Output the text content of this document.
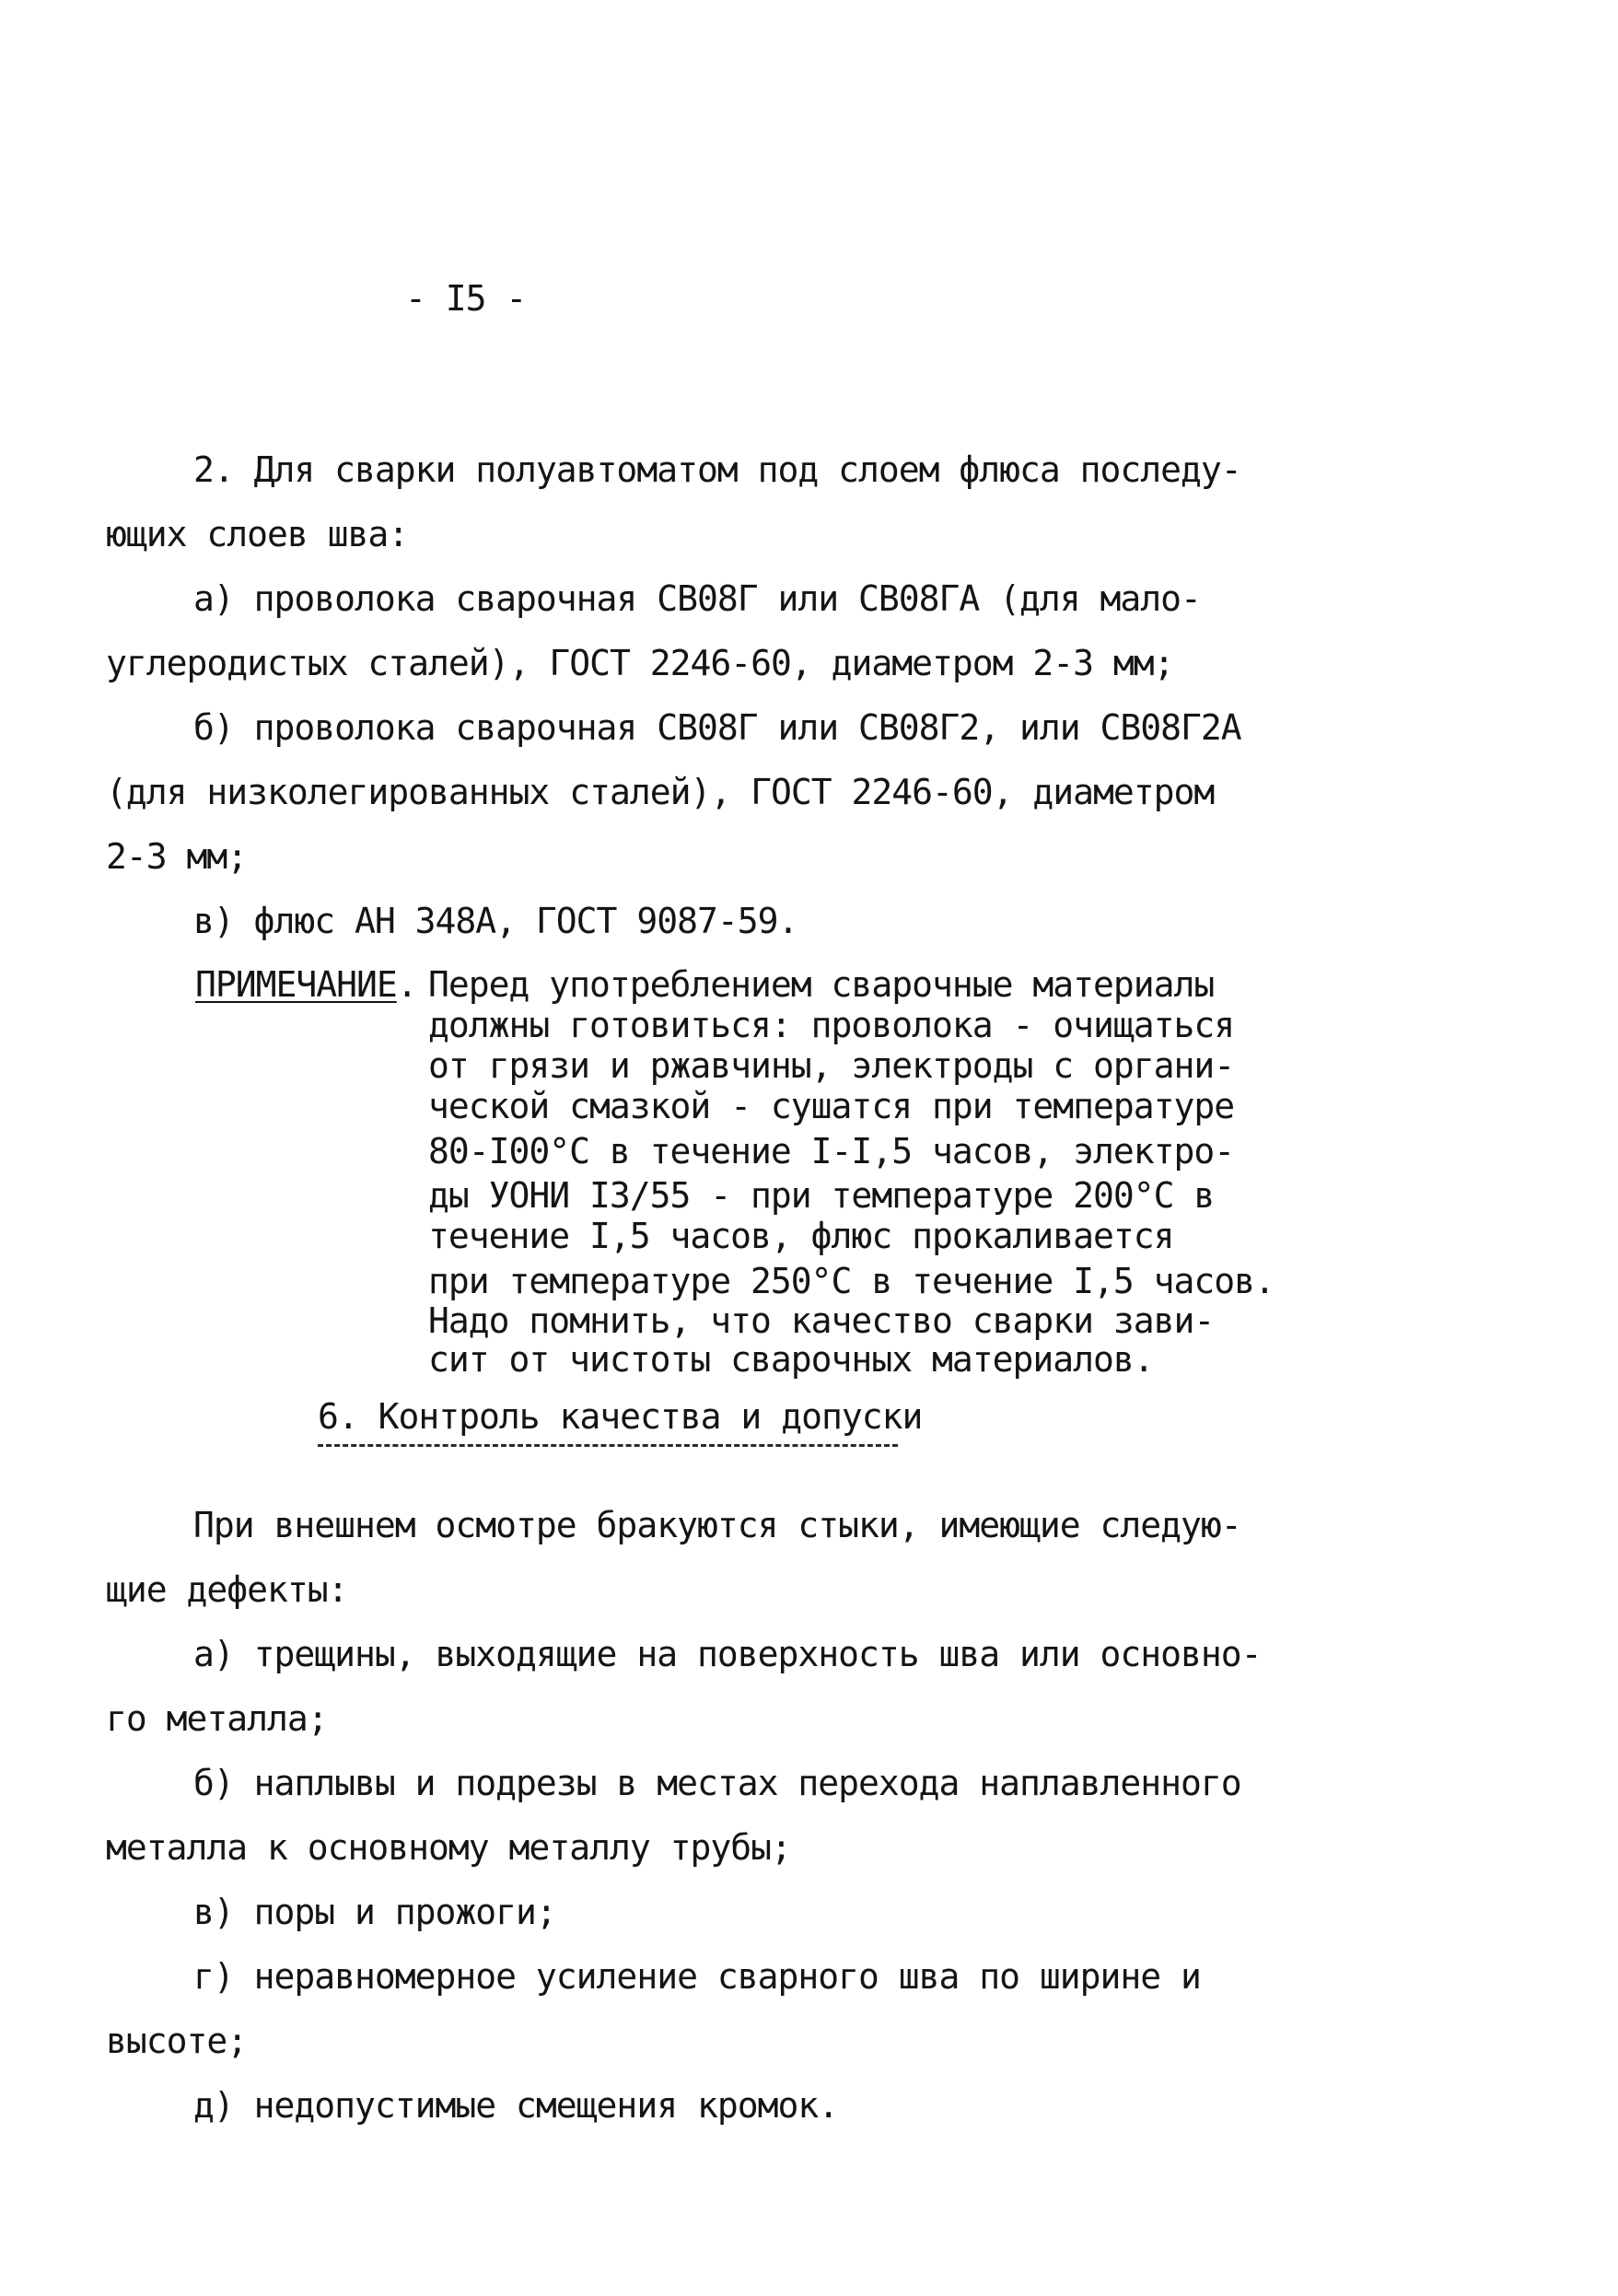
- I5 -
2. Для сварки полуавтоматом под слоем флюса последу-
ющих слоев шва:
а) проволока сварочная СВ08Г или СВ08ГА (для мало-
углеродистых сталей), ГОСТ 2246-60, диаметром 2-3 мм;
б) проволока сварочная СВ08Г или СВ08Г2, или СВ08Г2А
(для низколегированных сталей), ГОСТ 2246-60, диаметром
2-3 мм;
в) флюс АН 348А, ГОСТ 9087-59.
ПРИМЕЧАНИЕ. Перед употреблением сварочные материалы
должны готовиться: проволока - очищаться
от грязи и ржавчины, электроды с органи-
ческой смазкой - сушатся при температуре
80-I00°С в течение I-I,5 часов, электро-
ды УОНИ I3/55 - при температуре 200°С в
течение I,5 часов, флюс прокаливается
при температуре 250°С в течение I,5 часов.
Надо помнить, что качество сварки зави-
сит от чистоты сварочных материалов.
6. Контроль качества и допуски
При внешнем осмотре бракуются стыки, имеющие следую-
щие дефекты:
а) трещины, выходящие на поверхность шва или основно-
го металла;
б) наплывы и подрезы в местах перехода наплавленного
металла к основному металлу трубы;
в) поры и прожоги;
г) неравномерное усиление сварного шва по ширине и
высоте;
д) недопустимые смещения кромок.
